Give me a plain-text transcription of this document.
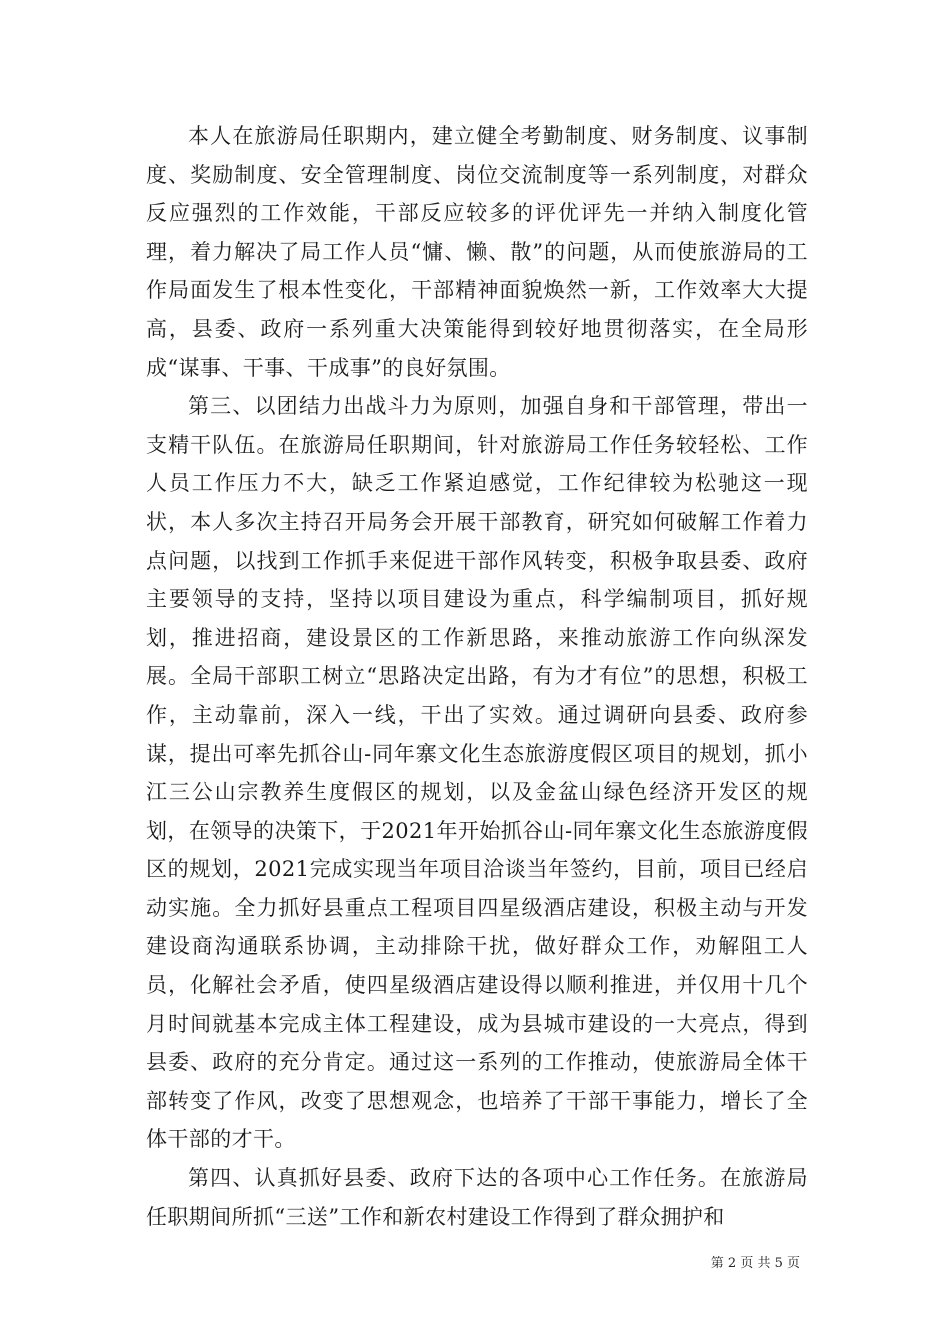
本人在旅游局任职期内，建立健全考勤制度、财务制度、议事制度、奖励制度、安全管理制度、岗位交流制度等一系列制度，对群众反应强烈的工作效能，干部反应较多的评优评先一并纳入制度化管理，着力解决了局工作人员“慵、懒、散”的问题，从而使旅游局的工作局面发生了根本性变化，干部精神面貌焕然一新，工作效率大大提高，县委、政府一系列重大决策能得到较好地贯彻落实，在全局形成“谋事、干事、干成事”的良好氛围。

第三、以团结力出战斗力为原则，加强自身和干部管理，带出一支精干队伍。在旅游局任职期间，针对旅游局工作任务较轻松、工作人员工作压力不大，缺乏工作紧迫感觉，工作纪律较为松驰这一现状，本人多次主持召开局务会开展干部教育，研究如何破解工作着力点问题，以找到工作抓手来促进干部作风转变，积极争取县委、政府主要领导的支持，坚持以项目建设为重点，科学编制项目，抓好规划，推进招商，建设景区的工作新思路，来推动旅游工作向纵深发展。全局干部职工树立“思路决定出路，有为才有位”的思想，积极工作，主动靠前，深入一线，干出了实效。通过调研向县委、政府参谋，提出可率先抓谷山-同年寨文化生态旅游度假区项目的规划，抓小江三公山宗教养生度假区的规划，以及金盆山绿色经济开发区的规划，在领导的决策下，于2021年开始抓谷山-同年寨文化生态旅游度假区的规划，2021完成实现当年项目洽谈当年签约，目前，项目已经启动实施。全力抓好县重点工程项目四星级酒店建设，积极主动与开发建设商沟通联系协调，主动排除干扰，做好群众工作，劝解阻工人员，化解社会矛盾，使四星级酒店建设得以顺利推进，并仅用十几个月时间就基本完成主体工程建设，成为县城市建设的一大亮点，得到县委、政府的充分肯定。通过这一系列的工作推动，使旅游局全体干部转变了作风，改变了思想观念，也培养了干部干事能力，增长了全体干部的才干。

第四、认真抓好县委、政府下达的各项中心工作任务。在旅游局任职期间所抓“三送”工作和新农村建设工作得到了群众拥护和

第 2 页 共 5 页
